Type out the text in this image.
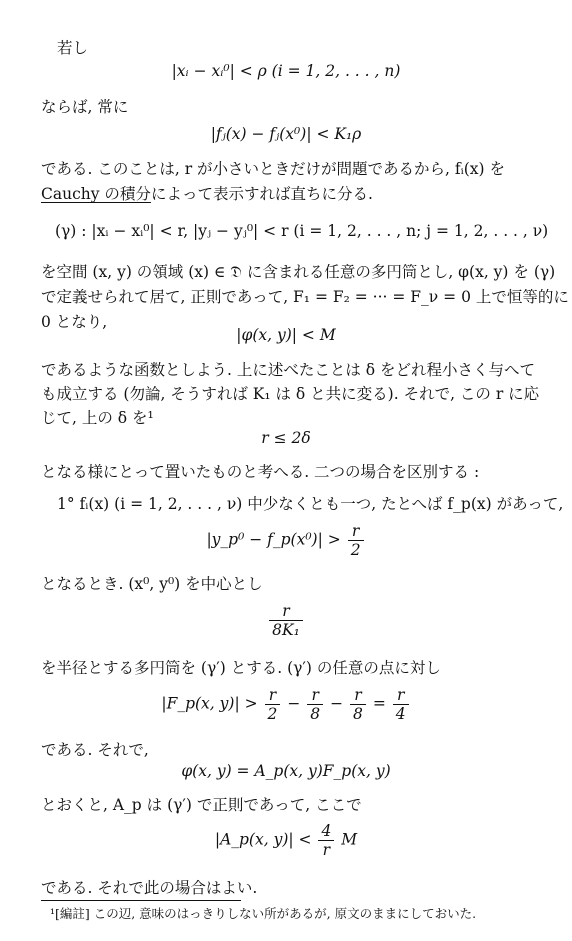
若し
|xᵢ − xᵢ⁰| < ρ (i = 1, 2, . . . , n)
ならば, 常に
|fⱼ(x) − fⱼ(x⁰)| < K₁ρ
である. このことは, r が小さいときだけが問題であるから, fᵢ(x) を
Cauchy の積分によって表示すれば直ちに分る.
(γ) : |xᵢ − xᵢ⁰| < r, |yⱼ − yⱼ⁰| < r (i = 1, 2, . . . , n; j = 1, 2, . . . , ν)
を空間 (x, y) の領域 (x) ∈ 𝔇 に含まれる任意の多円筒とし, φ(x, y) を (γ)
で定義せられて居て, 正則であって, F₁ = F₂ = ··· = F_ν = 0 上で恒等的に
0 となり,
|φ(x, y)| < M
であるような函数としよう. 上に述べたことは δ をどれ程小さく与へて
も成立する (勿論, そうすれば K₁ は δ と共に変る). それで, この r に応
じて, 上の δ を¹
r ≤ 2δ
となる様にとって置いたものと考へる. 二つの場合を区別する :
1° fᵢ(x) (i = 1, 2, . . . , ν) 中少なくとも一つ, たとへば f_p(x) があって,
|y_p⁰ − f_p(x⁰)| > $\frac{r}{2}$
となるとき. (x⁰, y⁰) を中心とし
$\frac{r}{\text{8K₁}}$
を半径とする多円筒を (γ′) とする. (γ′) の任意の点に対し
|F_p(x, $y)| > \frac{r}{2} - \frac{r}{8} - \frac{r}{8} = \frac{r}{4}$
である. それで,
φ(x, y) = A_p(x, y)F_p(x, y)
とおくと, A_p は (γ′) で正則であって, ここで
|A_p(x, $y)| < \frac{4}{r}$ M
である. それで此の場合はよい.
¹[編註] この辺, 意味のはっきりしない所があるが, 原文のままにしておいた.
